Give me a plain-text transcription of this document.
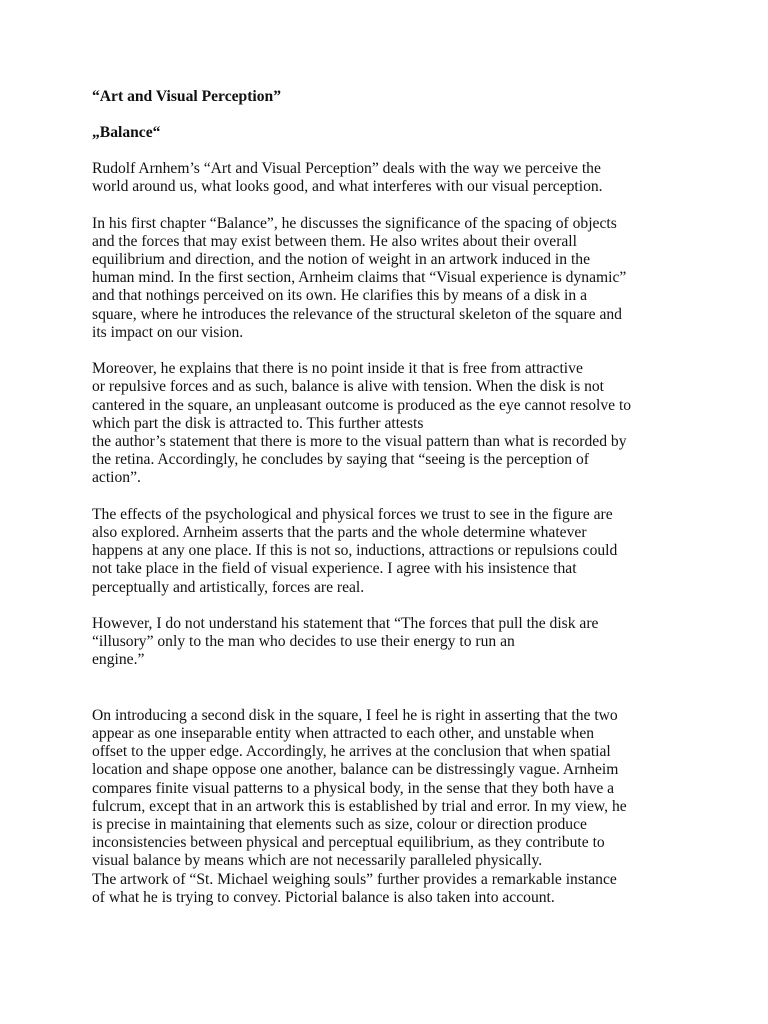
“Art and Visual Perception”
„Balance“
Rudolf Arnhem’s “Art and Visual Perception” deals with the way we perceive the
world around us, what looks good, and what interferes with our visual perception.
In his first chapter “Balance”, he discusses the significance of the spacing of objects
and the forces that may exist between them. He also writes about their overall
equilibrium and direction, and the notion of weight in an artwork induced in the
human mind. In the first section, Arnheim claims that “Visual experience is dynamic”
and that nothings perceived on its own. He clarifies this by means of a disk in a
square, where he introduces the relevance of the structural skeleton of the square and
its impact on our vision.
Moreover, he explains that there is no point inside it that is free from attractive
or repulsive forces and as such, balance is alive with tension. When the disk is not
cantered in the square, an unpleasant outcome is produced as the eye cannot resolve to
which part the disk is attracted to. This further attests
the author’s statement that there is more to the visual pattern than what is recorded by
the retina. Accordingly, he concludes by saying that “seeing is the perception of
action”.
The effects of the psychological and physical forces we trust to see in the figure are
also explored. Arnheim asserts that the parts and the whole determine whatever
happens at any one place. If this is not so, inductions, attractions or repulsions could
not take place in the field of visual experience. I agree with his insistence that
perceptually and artistically, forces are real.
However, I do not understand his statement that “The forces that pull the disk are
“illusory” only to the man who decides to use their energy to run an
engine.”
On introducing a second disk in the square, I feel he is right in asserting that the two
appear as one inseparable entity when attracted to each other, and unstable when
offset to the upper edge. Accordingly, he arrives at the conclusion that when spatial
location and shape oppose one another, balance can be distressingly vague. Arnheim
compares finite visual patterns to a physical body, in the sense that they both have a
fulcrum, except that in an artwork this is established by trial and error. In my view, he
is precise in maintaining that elements such as size, colour or direction produce
inconsistencies between physical and perceptual equilibrium, as they contribute to
visual balance by means which are not necessarily paralleled physically.
The artwork of “St. Michael weighing souls” further provides a remarkable instance
of what he is trying to convey. Pictorial balance is also taken into account.
